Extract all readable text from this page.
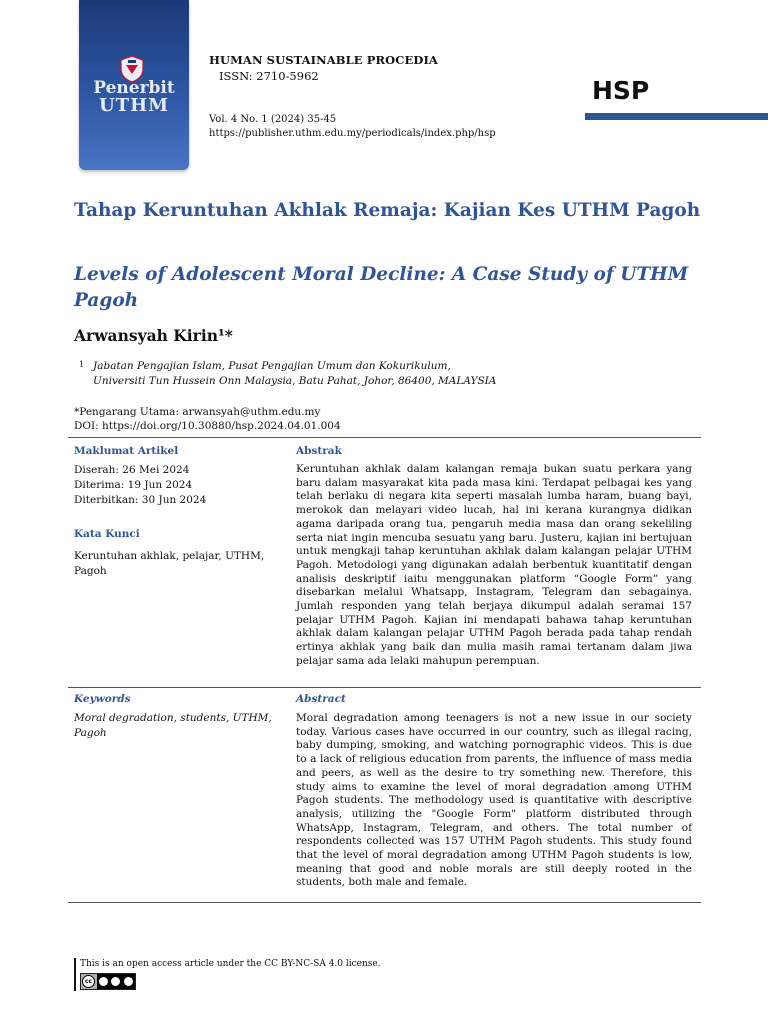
Penerbit
UTHM
HUMAN SUSTAINABLE PROCEDIA
ISSN: 2710-5962
Vol. 4 No. 1 (2024) 35-45
https://publisher.uthm.edu.my/periodicals/index.php/hsp
HSP
Tahap Keruntuhan Akhlak Remaja: Kajian Kes UTHM Pagoh
Levels of Adolescent Moral Decline: A Case Study of UTHM Pagoh
Arwansyah Kirin¹*
1 Jabatan Pengajian Islam, Pusat Pengajian Umum dan Kokurikulum,
Universiti Tun Hussein Onn Malaysia, Batu Pahat, Johor, 86400, MALAYSIA
*Pengarang Utama: arwansyah@uthm.edu.my
DOI: https://doi.org/10.30880/hsp.2024.04.01.004
Maklumat Artikel
Diserah: 26 Mei 2024
Diterima: 19 Jun 2024
Diterbitkan: 30 Jun 2024
Kata Kunci
Keruntuhan akhlak, pelajar, UTHM,
Pagoh
Abstrak

Keruntuhan akhlak dalam kalangan remaja bukan suatu perkara yang baru dalam masyarakat kita pada masa kini. Terdapat pelbagai kes yang telah berlaku di negara kita seperti masalah lumba haram, buang bayi, merokok dan melayari video lucah, hal ini kerana kurangnya didikan agama daripada orang tua, pengaruh media masa dan orang sekeliling serta niat ingin mencuba sesuatu yang baru. Justeru, kajian ini bertujuan untuk mengkaji tahap keruntuhan akhlak dalam kalangan pelajar UTHM Pagoh. Metodologi yang digunakan adalah berbentuk kuantitatif dengan analisis deskriptif iaitu menggunakan platform “Google Form” yang disebarkan melalui Whatsapp, Instagram, Telegram dan sebagainya. Jumlah responden yang telah berjaya dikumpul adalah seramai 157 pelajar UTHM Pagoh. Kajian ini mendapati bahawa tahap keruntuhan akhlak dalam kalangan pelajar UTHM Pagoh berada pada tahap rendah ertinya akhlak yang baik dan mulia masih ramai tertanam dalam jiwa pelajar sama ada lelaki mahupun perempuan.

Keywords
Moral degradation, students, UTHM,
Pagoh
Abstract

Moral degradation among teenagers is not a new issue in our society today. Various cases have occurred in our country, such as illegal racing, baby dumping, smoking, and watching pornographic videos. This is due to a lack of religious education from parents, the influence of mass media and peers, as well as the desire to try something new. Therefore, this study aims to examine the level of moral degradation among UTHM Pagoh students. The methodology used is quantitative with descriptive analysis, utilizing the "Google Form" platform distributed through WhatsApp, Instagram, Telegram, and others. The total number of respondents collected was 157 UTHM Pagoh students. This study found that the level of moral degradation among UTHM Pagoh students is low, meaning that good and noble morals are still deeply rooted in the students, both male and female.

This is an open access article under the CC BY-NC-SA 4.0 license.
cc
